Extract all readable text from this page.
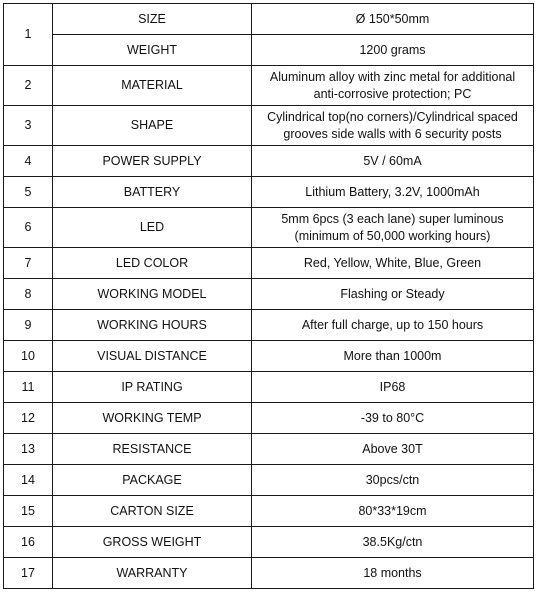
1	SIZE	Ø 150*50mm
	WEIGHT	1200 grams
2	MATERIAL	Aluminum alloy with zinc metal for additional anti-corrosive protection; PC
3	SHAPE	Cylindrical top(no corners)/Cylindrical spaced grooves side walls with 6 security posts
4	POWER SUPPLY	5V / 60mA
5	BATTERY	Lithium Battery, 3.2V, 1000mAh
6	LED	5mm 6pcs (3 each lane) super luminous (minimum of 50,000 working hours)
7	LED COLOR	Red, Yellow, White, Blue, Green
8	WORKING MODEL	Flashing or Steady
9	WORKING HOURS	After full charge, up to 150 hours
10	VISUAL DISTANCE	More than 1000m
11	IP RATING	IP68
12	WORKING TEMP	-39 to 80°C
13	RESISTANCE	Above 30T
14	PACKAGE	30pcs/ctn
15	CARTON SIZE	80*33*19cm
16	GROSS WEIGHT	38.5Kg/ctn
17	WARRANTY	18 months
